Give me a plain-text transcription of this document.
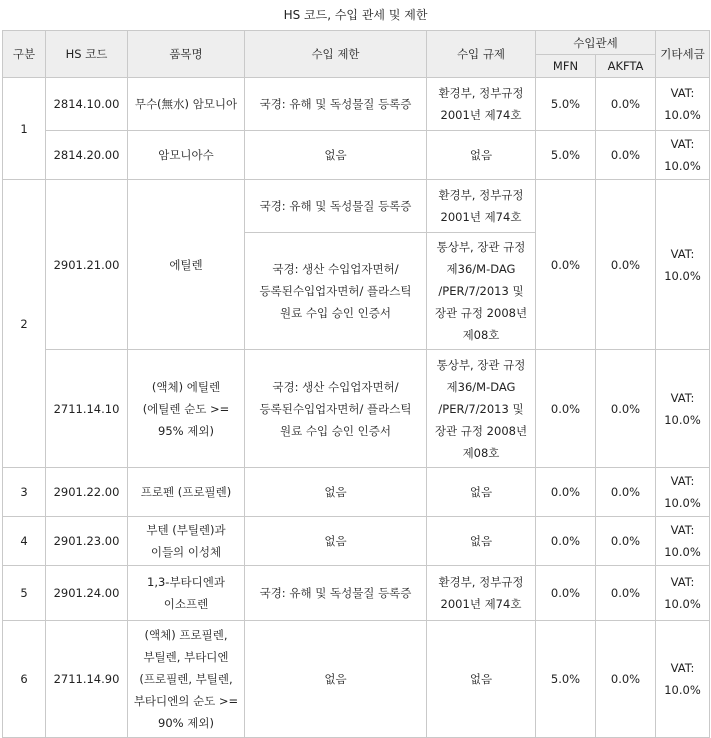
HS 코드, 수입 관세 및 제한
구분	HS 코드	품목명	수입 제한	수입 규제	수입관세		기타세금
					MFN	AKFTA	
1	2814.10.00	무수(無水) 암모니아	국경: 유해 및 독성물질 등록증	환경부, 정부규정 2001년 제74호	5.0%	0.0%	VAT: 10.0%
	2814.20.00	암모니아수	없음	없음	5.0%	0.0%	VAT: 10.0%
2	2901.21.00	에틸렌	국경: 유해 및 독성물질 등록증	환경부, 정부규정 2001년 제74호	0.0%	0.0%	VAT: 10.0%
			국경: 생산 수입업자면허/등록된수입업자면허/ 플라스틱 원료 수입 승인 인증서	통상부, 장관 규정 제36/M-DAG /PER/7/2013 및 장관 규정 2008년 제08호			
	2711.14.10	(액체) 에틸렌 (에틸렌 순도 >= 95% 제외)	국경: 생산 수입업자면허/등록된수입업자면허/ 플라스틱 원료 수입 승인 인증서	통상부, 장관 규정 제36/M-DAG /PER/7/2013 및 장관 규정 2008년 제08호	0.0%	0.0%	VAT: 10.0%
3	2901.22.00	프로펜 (프로필렌)	없음	없음	0.0%	0.0%	VAT: 10.0%
4	2901.23.00	부텐 (부틸렌)과 이들의 이성체	없음	없음	0.0%	0.0%	VAT: 10.0%
5	2901.24.00	1,3-부타디엔과 이소프렌	국경: 유해 및 독성물질 등록증	환경부, 정부규정 2001년 제74호	0.0%	0.0%	VAT: 10.0%
6	2711.14.90	(액체) 프로필렌, 부틸렌, 부타디엔(프로필렌, 부틸렌, 부타디엔의 순도 >= 90% 제외)	없음	없음	5.0%	0.0%	VAT: 10.0%
